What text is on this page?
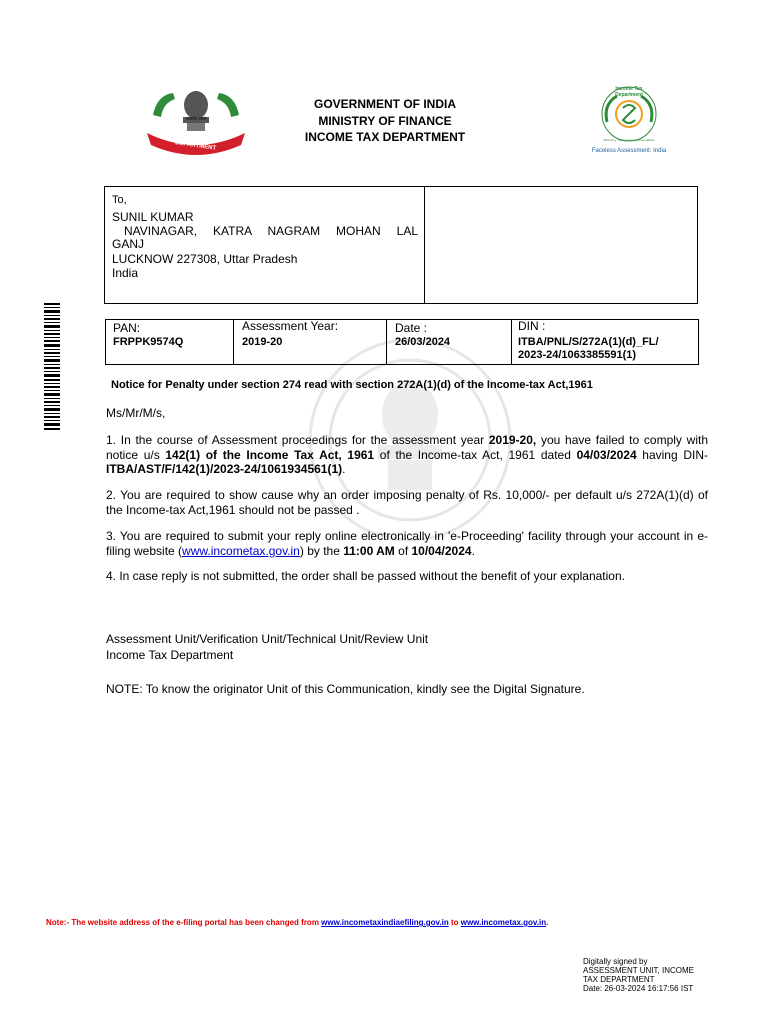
सत्यमेव जयते
INCOME TAX DEPARTMENT
GOVERNMENT OF INDIA
MINISTRY OF FINANCE
INCOME TAX DEPARTMENT
Income Tax Department
Efficiency Transparency Accountability
Faceless Assessment: India
To,
SUNIL KUMAR
NAVINAGAR, KATRA NAGRAM MOHAN LAL
GANJ
LUCKNOW 227308, Uttar Pradesh
India
PAN:
FRPPK9574Q
Assessment Year:
2019-20
Date :
26/03/2024
DIN :
ITBA/PNL/S/272A(1)(d)_FL/
2023-24/1063385591(1)
Notice for Penalty under section 274 read with section 272A(1)(d) of the Income-tax Act,1961
Ms/Mr/M/s,
1. In the course of Assessment proceedings for the assessment year 2019-20, you have failed to comply with notice u/s 142(1) of the Income Tax Act, 1961 of the Income-tax Act, 1961 dated 04/03/2024 having DIN-ITBA/AST/F/142(1)/2023-24/1061934561(1).
2. You are required to show cause why an order imposing penalty of Rs. 10,000/- per default u/s 272A(1)(d) of the Income-tax Act,1961 should not be passed .
3. You are required to submit your reply online electronically in 'e-Proceeding' facility through your account in e-filing website (www.incometax.gov.in) by the 11:00 AM of 10/04/2024.
4. In case reply is not submitted, the order shall be passed without the benefit of your explanation.
Assessment Unit/Verification Unit/Technical Unit/Review Unit
Income Tax Department
NOTE: To know the originator Unit of this Communication, kindly see the Digital Signature.
Note:- The website address of the e-filing portal has been changed from www.incometaxindiaefiling.gov.in to www.incometax.gov.in.
Digitally signed by
ASSESSMENT UNIT, INCOME
TAX DEPARTMENT
Date: 26-03-2024 16:17:56 IST
